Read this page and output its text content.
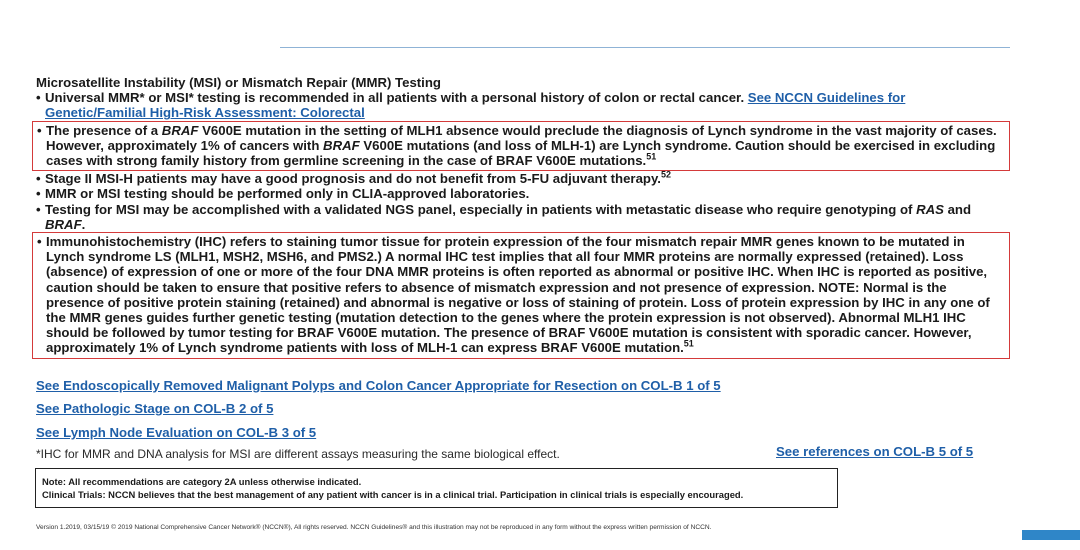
Microsatellite Instability (MSI) or Mismatch Repair (MMR) Testing
• Universal MMR* or MSI* testing is recommended in all patients with a personal history of colon or rectal cancer. See NCCN Guidelines for Genetic/Familial High-Risk Assessment: Colorectal
• The presence of a BRAF V600E mutation in the setting of MLH1 absence would preclude the diagnosis of Lynch syndrome in the vast majority of cases. However, approximately 1% of cancers with BRAF V600E mutations (and loss of MLH-1) are Lynch syndrome. Caution should be exercised in excluding cases with strong family history from germline screening in the case of BRAF V600E mutations.$^{51}$
• Stage II MSI-H patients may have a good prognosis and do not benefit from 5-FU adjuvant therapy.$^{52}$
• MMR or MSI testing should be performed only in CLIA-approved laboratories.
• Testing for MSI may be accomplished with a validated NGS panel, especially in patients with metastatic disease who require genotyping of RAS and BRAF.
• Immunohistochemistry (IHC) refers to staining tumor tissue for protein expression of the four mismatch repair MMR genes known to be mutated in Lynch syndrome LS (MLH1, MSH2, MSH6, and PMS2.) A normal IHC test implies that all four MMR proteins are normally expressed (retained). Loss (absence) of expression of one or more of the four DNA MMR proteins is often reported as abnormal or positive IHC. When IHC is reported as positive, caution should be taken to ensure that positive refers to absence of mismatch expression and not presence of expression. NOTE: Normal is the presence of positive protein staining (retained) and abnormal is negative or loss of staining of protein. Loss of protein expression by IHC in any one of the MMR genes guides further genetic testing (mutation detection to the genes where the protein expression is not observed). Abnormal MLH1 IHC should be followed by tumor testing for BRAF V600E mutation. The presence of BRAF V600E mutation is consistent with sporadic cancer. However, approximately 1% of Lynch syndrome patients with loss of MLH-1 can express BRAF V600E mutation.$^{51}$
See Endoscopically Removed Malignant Polyps and Colon Cancer Appropriate for Resection on COL-B 1 of 5
See Pathologic Stage on COL-B 2 of 5
See Lymph Node Evaluation on COL-B 3 of 5
*IHC for MMR and DNA analysis for MSI are different assays measuring the same biological effect.	See references on COL-B 5 of 5
Note: All recommendations are category 2A unless otherwise indicated.
Clinical Trials: NCCN believes that the best management of any patient with cancer is in a clinical trial. Participation in clinical trials is especially encouraged.
Version 1.2019, 03/15/19 © 2019 National Comprehensive Cancer Network® (NCCN®), All rights reserved. NCCN Guidelines® and this illustration may not be reproduced in any form without the express written permission of NCCN.
